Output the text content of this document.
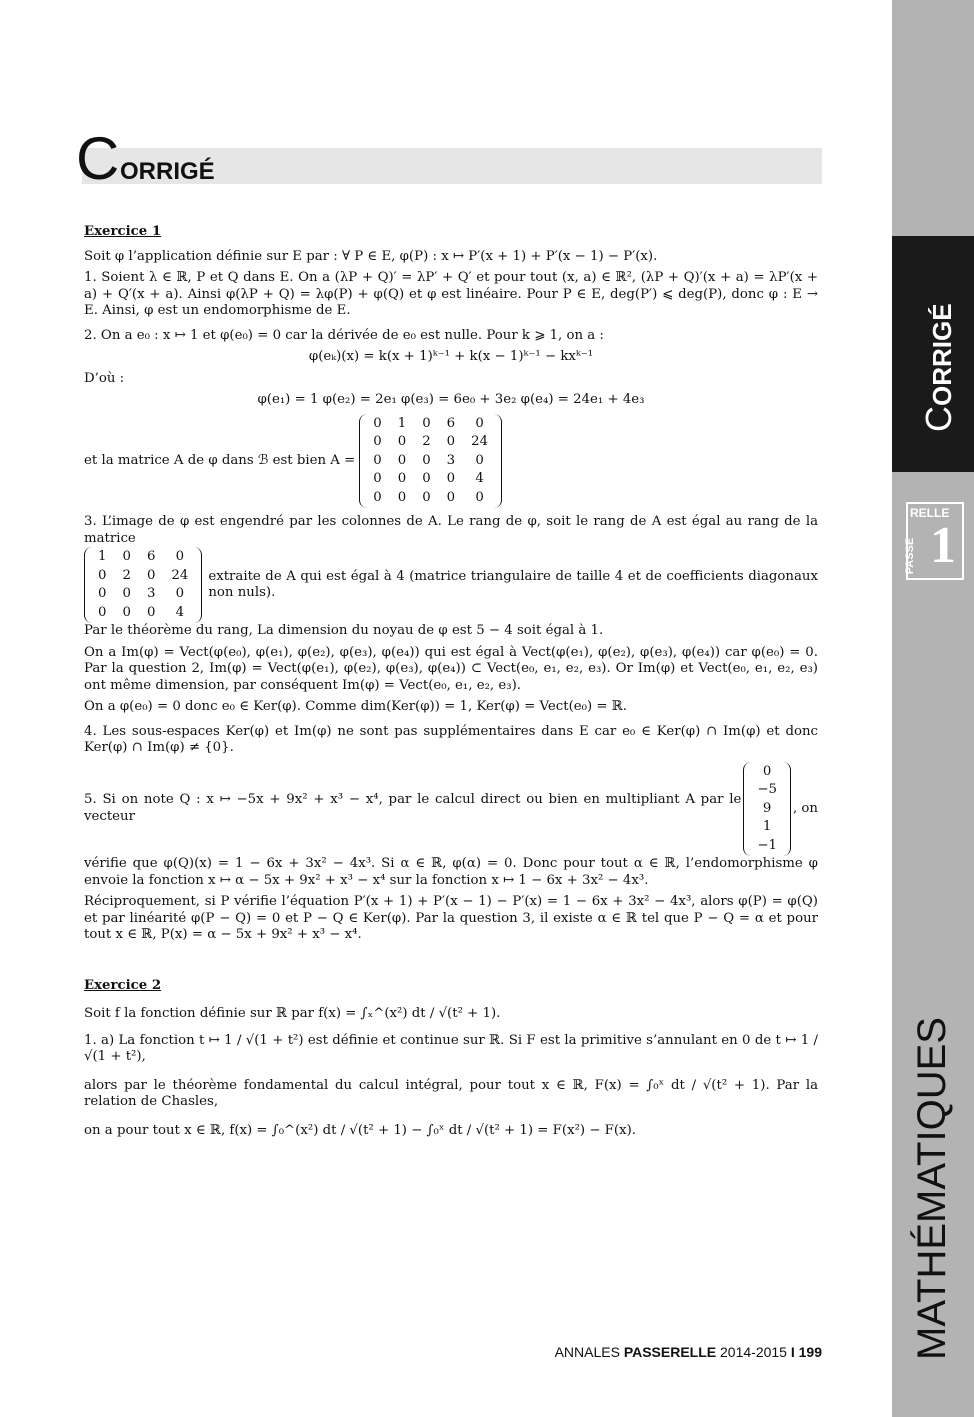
CORRIGÉ
RELLE
PASSE 1
MATHÉMATIQUES
C ORRIGÉ

Exercice 1

Soit φ l’application définie sur E par : ∀ P ∈ E, φ(P) : x ↦ P′(x + 1) + P′(x − 1) − P′(x).

1. Soient λ ∈ ℝ, P et Q dans E. On a (λP + Q)′ = λP′ + Q′ et pour tout (x, a) ∈ ℝ², (λP + Q)′(x + a) = λP′(x + a) + Q′(x + a). Ainsi φ(λP + Q) = λφ(P) + φ(Q) et φ est linéaire. Pour P ∈ E, deg(P′) ⩽ deg(P), donc φ : E → E. Ainsi, φ est un endomorphisme de E.

2. On a e₀ : x ↦ 1 et φ(e₀) = 0 car la dérivée de e₀ est nulle. Pour k ⩾ 1, on a :

φ(eₖ)(x) = k(x + 1)ᵏ⁻¹ + k(x − 1)ᵏ⁻¹ − kxᵏ⁻¹

D’où :

φ(e₁) = 1 φ(e₂) = 2e₁ φ(e₃) = 6e₀ + 3e₂ φ(e₄) = 24e₁ + 4e₃

et la matrice A de φ dans ℬ est bien A =
0	1	0	6	0
0	0	2	0	24
0	0	0	3	0
0	0	0	0	4
0	0	0	0	0

3. L’image de φ est engendré par les colonnes de A. Le rang de φ, soit le rang de A est égal au rang de la matrice

1	0	6	0
0	2	0	24
0	0	3	0
0	0	0	4
extraite de A qui est égal à 4 (matrice triangulaire de taille 4 et de coefficients diagonaux non nuls).

Par le théorème du rang, La dimension du noyau de φ est 5 − 4 soit égal à 1.

On a Im(φ) = Vect(φ(e₀), φ(e₁), φ(e₂), φ(e₃), φ(e₄)) qui est égal à Vect(φ(e₁), φ(e₂), φ(e₃), φ(e₄)) car φ(e₀) = 0. Par la question 2, Im(φ) = Vect(φ(e₁), φ(e₂), φ(e₃), φ(e₄)) ⊂ Vect(e₀, e₁, e₂, e₃). Or Im(φ) et Vect(e₀, e₁, e₂, e₃) ont même dimension, par conséquent Im(φ) = Vect(e₀, e₁, e₂, e₃).

On a φ(e₀) = 0 donc e₀ ∈ Ker(φ). Comme dim(Ker(φ)) = 1, Ker(φ) = Vect(e₀) = ℝ.

4. Les sous-espaces Ker(φ) et Im(φ) ne sont pas supplémentaires dans E car e₀ ∈ Ker(φ) ∩ Im(φ) et donc Ker(φ) ∩ Im(φ) ≠ {0}.

5. Si on note Q : x ↦ −5x + 9x² + x³ − x⁴, par le calcul direct ou bien en multipliant A par le vecteur
0
−5
9
1
−1
, on

vérifie que φ(Q)(x) = 1 − 6x + 3x² − 4x³. Si α ∈ ℝ, φ(α) = 0. Donc pour tout α ∈ ℝ, l’endomorphisme φ envoie la fonction x ↦ α − 5x + 9x² + x³ − x⁴ sur la fonction x ↦ 1 − 6x + 3x² − 4x³.

Réciproquement, si P vérifie l’équation P′(x + 1) + P′(x − 1) − P′(x) = 1 − 6x + 3x² − 4x³, alors φ(P) = φ(Q) et par linéarité φ(P − Q) = 0 et P − Q ∈ Ker(φ). Par la question 3, il existe α ∈ ℝ tel que P − Q = α et pour tout x ∈ ℝ, P(x) = α − 5x + 9x² + x³ − x⁴.

Exercice 2

Soit f la fonction définie sur ℝ par f(x) = ∫ₓ^(x²) dt / √(t² + 1).

1. a) La fonction t ↦ 1 / √(1 + t²) est définie et continue sur ℝ. Si F est la primitive s’annulant en 0 de t ↦ 1 / √(1 + t²),

alors par le théorème fondamental du calcul intégral, pour tout x ∈ ℝ, F(x) = ∫₀ˣ dt / √(t² + 1). Par la relation de Chasles,

on a pour tout x ∈ ℝ, f(x) = ∫₀^(x²) dt / √(t² + 1) − ∫₀ˣ dt / √(t² + 1) = F(x²) − F(x).

ANNALES PASSERELLE 2014-2015 I 199
